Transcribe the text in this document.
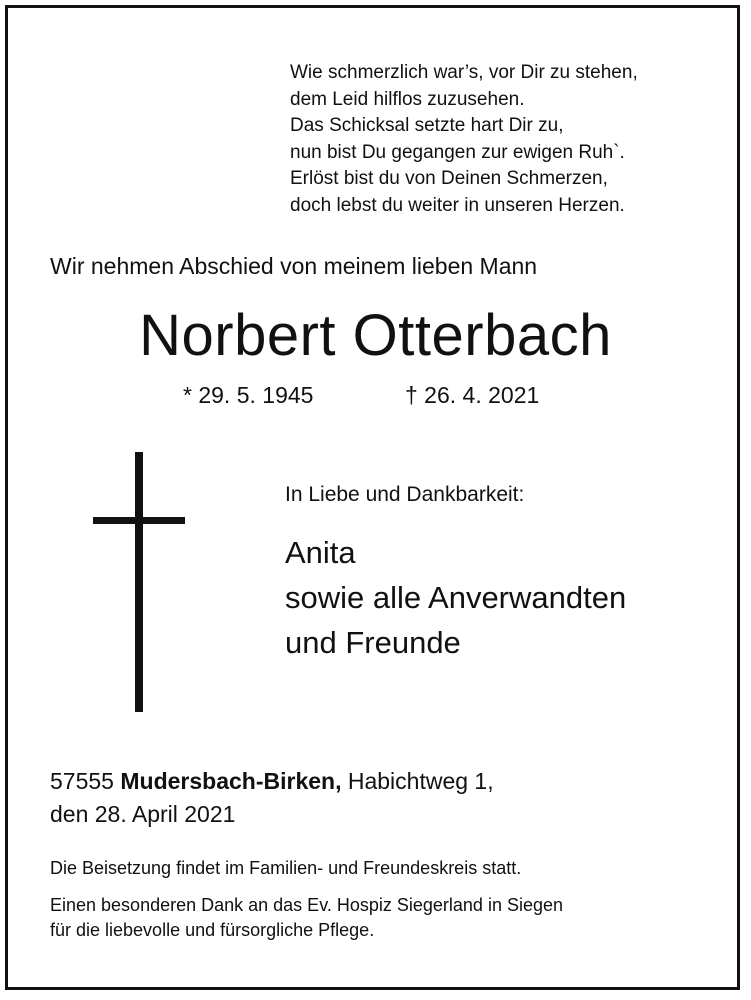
Wie schmerzlich war’s, vor Dir zu stehen,
dem Leid hilflos zuzusehen.
Das Schicksal setzte hart Dir zu,
nun bist Du gegangen zur ewigen Ruh`.
Erlöst bist du von Deinen Schmerzen,
doch lebst du weiter in unseren Herzen.
Wir nehmen Abschied von meinem lieben Mann
Norbert Otterbach
* 29. 5. 1945	† 26. 4. 2021
In Liebe und Dankbarkeit:
Anita
sowie alle Anverwandten
und Freunde
57555 Mudersbach-Birken, Habichtweg 1,
den 28. April 2021
Die Beisetzung findet im Familien- und Freundeskreis statt.
Einen besonderen Dank an das Ev. Hospiz Siegerland in Siegen
für die liebevolle und fürsorgliche Pflege.
